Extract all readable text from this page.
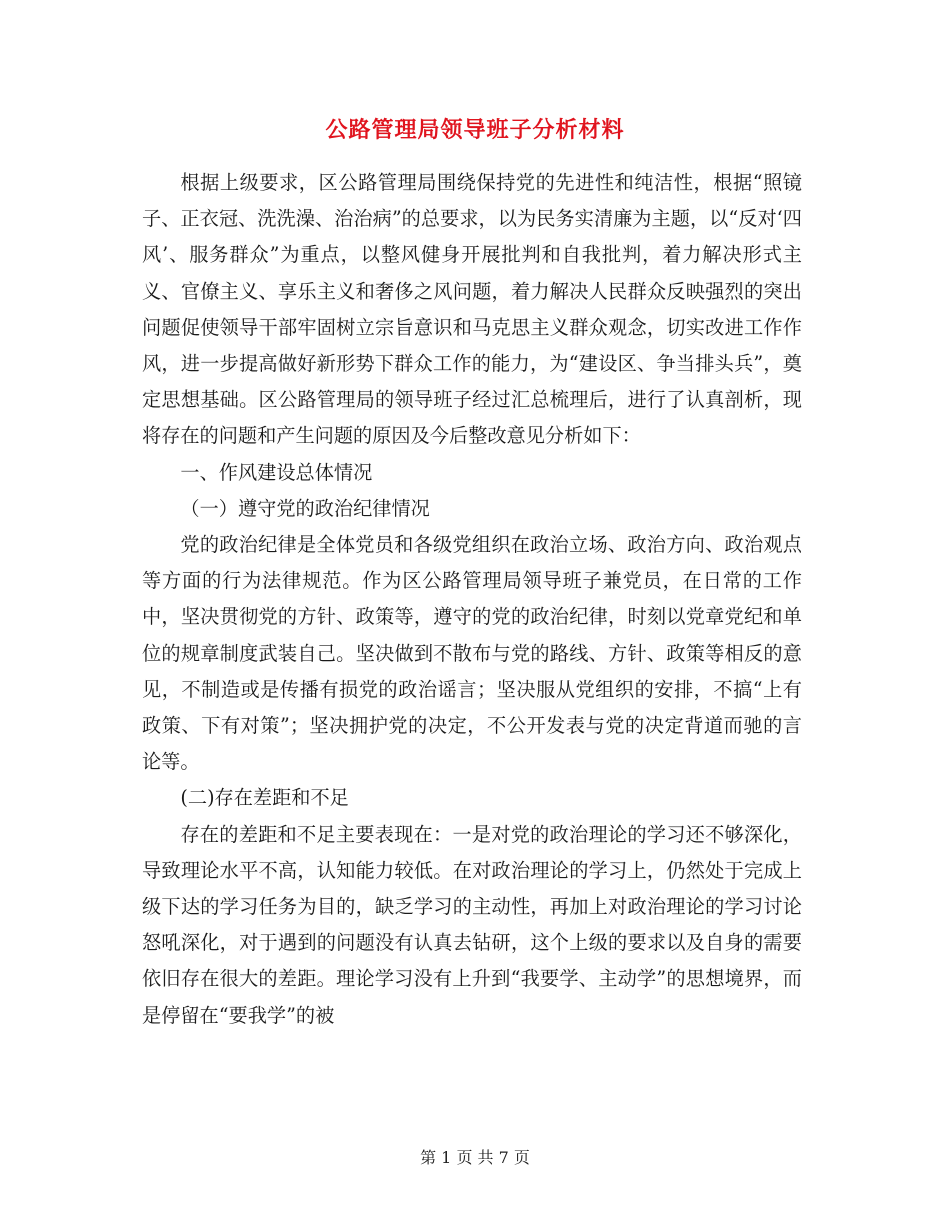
公路管理局领导班子分析材料

根据上级要求，区公路管理局围绕保持党的先进性和纯洁性，根据“照镜子、正衣冠、洗洗澡、治治病”的总要求，以为民务实清廉为主题，以“反对‘四风’、服务群众”为重点，以整风健身开展批判和自我批判，着力解决形式主义、官僚主义、享乐主义和奢侈之风问题，着力解决人民群众反映强烈的突出问题促使领导干部牢固树立宗旨意识和马克思主义群众观念，切实改进工作作风，进一步提高做好新形势下群众工作的能力，为“建设区、争当排头兵”，奠定思想基础。区公路管理局的领导班子经过汇总梳理后，进行了认真剖析，现将存在的问题和产生问题的原因及今后整改意见分析如下：

一、作风建设总体情况

（一）遵守党的政治纪律情况

党的政治纪律是全体党员和各级党组织在政治立场、政治方向、政治观点等方面的行为法律规范。作为区公路管理局领导班子兼党员，在日常的工作中，坚决贯彻党的方针、政策等，遵守的党的政治纪律，时刻以党章党纪和单位的规章制度武装自己。坚决做到不散布与党的路线、方针、政策等相反的意见，不制造或是传播有损党的政治谣言；坚决服从党组织的安排，不搞“上有政策、下有对策”；坚决拥护党的决定，不公开发表与党的决定背道而驰的言论等。

(二)存在差距和不足

存在的差距和不足主要表现在：一是对党的政治理论的学习还不够深化，导致理论水平不高，认知能力较低。在对政治理论的学习上，仍然处于完成上级下达的学习任务为目的，缺乏学习的主动性，再加上对政治理论的学习讨论怒吼深化，对于遇到的问题没有认真去钻研，这个上级的要求以及自身的需要依旧存在很大的差距。理论学习没有上升到“我要学、主动学”的思想境界，而是停留在“要我学”的被

第 1 页 共 7 页
